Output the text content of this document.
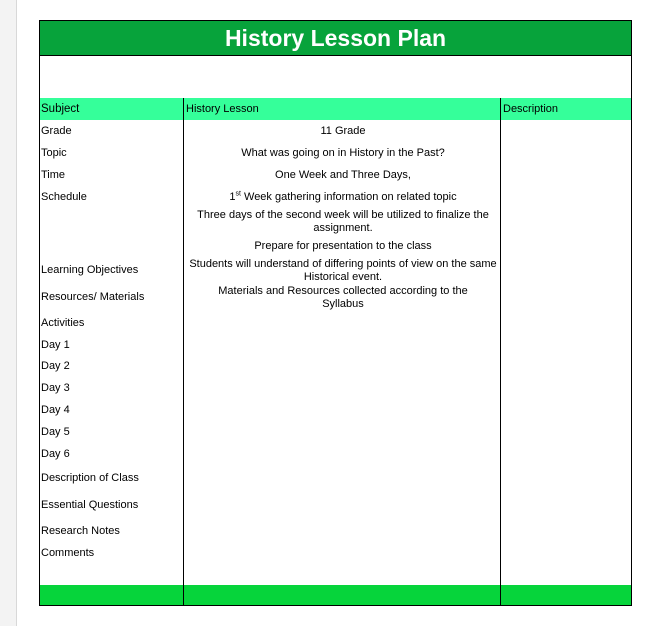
History Lesson Plan
Subject	History Lesson	Description
Grade
Topic
Time
Schedule
Learning Objectives
Resources/ Materials
Activities
Day 1
Day 2
Day 3
Day 4
Day 5
Day 6
Description of Class
Essential Questions
Research Notes
Comments
11 Grade
What was going on in History in the Past?
One Week and Three Days,
1st Week gathering information on related topic
Three days of the second week will be utilized to finalize the assignment.
Prepare for presentation to the class
Students will understand of differing points of view on the same Historical event.
Materials and Resources collected according to the Syllabus
